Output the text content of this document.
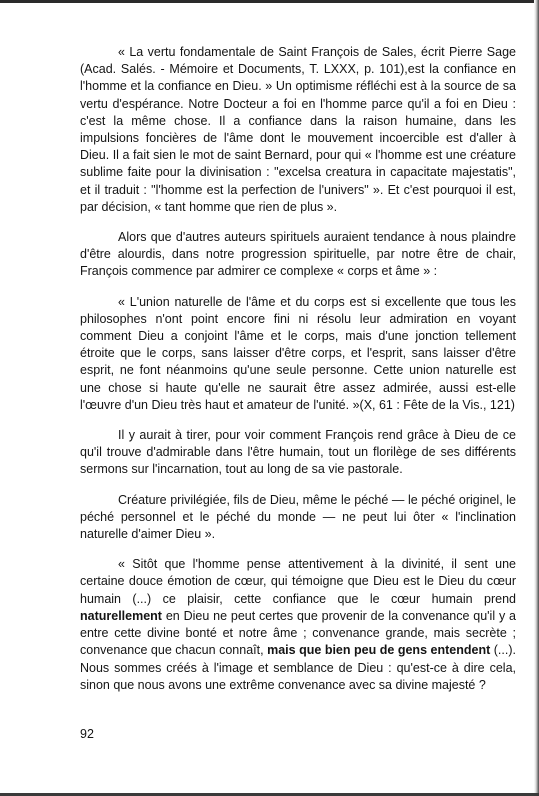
« La vertu fondamentale de Saint François de Sales, écrit Pierre Sage (Acad. Salés. - Mémoire et Documents, T. LXXX, p. 101),est la confiance en l'homme et la confiance en Dieu. » Un optimisme réfléchi est à la source de sa vertu d'espérance. Notre Docteur a foi en l'homme parce qu'il a foi en Dieu : c'est la même chose. Il a confiance dans la raison humaine, dans les impulsions foncières de l'âme dont le mouvement incoercible est d'aller à Dieu. Il a fait sien le mot de saint Bernard, pour qui « l'homme est une créature sublime faite pour la divinisation : "excelsa creatura in capacitate majestatis", et il traduit : "l'homme est la perfection de l'univers" ». Et c'est pourquoi il est, par décision, « tant homme que rien de plus ».

Alors que d'autres auteurs spirituels auraient tendance à nous plaindre d'être alourdis, dans notre progression spirituelle, par notre être de chair, François commence par admirer ce complexe « corps et âme » :

« L'union naturelle de l'âme et du corps est si excellente que tous les philosophes n'ont point encore fini ni résolu leur admiration en voyant comment Dieu a conjoint l'âme et le corps, mais d'une jonction tellement étroite que le corps, sans laisser d'être corps, et l'esprit, sans laisser d'être esprit, ne font néanmoins qu'une seule personne. Cette union naturelle est une chose si haute qu'elle ne saurait être assez admirée, aussi est-elle l'œuvre d'un Dieu très haut et amateur de l'unité. »(X, 61 : Fête de la Vis., 121)

Il y aurait à tirer, pour voir comment François rend grâce à Dieu de ce qu'il trouve d'admirable dans l'être humain, tout un florilège de ses différents sermons sur l'incarnation, tout au long de sa vie pastorale.

Créature privilégiée, fils de Dieu, même le péché — le péché originel, le péché personnel et le péché du monde — ne peut lui ôter « l'inclination naturelle d'aimer Dieu ».

« Sitôt que l'homme pense attentivement à la divinité, il sent une certaine douce émotion de cœur, qui témoigne que Dieu est le Dieu du cœur humain (...) ce plaisir, cette confiance que le cœur humain prend naturellement en Dieu ne peut certes que provenir de la convenance qu'il y a entre cette divine bonté et notre âme ; convenance grande, mais secrète ; convenance que chacun connaît, mais que bien peu de gens entendent (...). Nous sommes créés à l'image et semblance de Dieu : qu'est-ce à dire cela, sinon que nous avons une extrême convenance avec sa divine majesté ?

92
